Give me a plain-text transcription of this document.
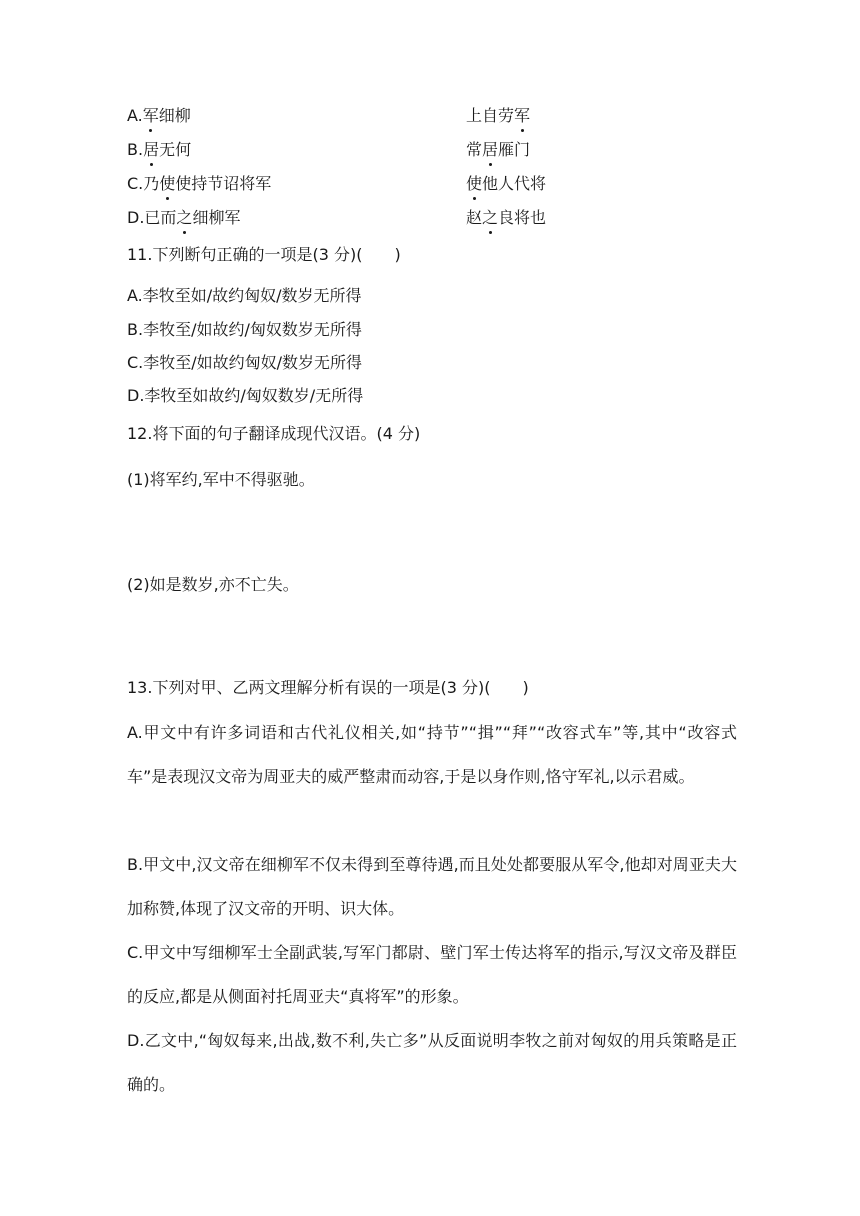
A.军细柳	上自劳军
B.居无何	常居雁门
C.乃使使持节诏将军	使他人代将
D.已而之细柳军	赵之良将也
11.下列断句正确的一项是(3 分)(　　)
A.李牧至如/故约匈奴/数岁无所得
B.李牧至/如故约/匈奴数岁无所得
C.李牧至/如故约匈奴/数岁无所得
D.李牧至如故约/匈奴数岁/无所得
12.将下面的句子翻译成现代汉语。(4 分)
(1)将军约,军中不得驱驰。
(2)如是数岁,亦不亡失。
13.下列对甲、乙两文理解分析有误的一项是(3 分)(　　)
A.甲文中有许多词语和古代礼仪相关,如“持节”“揖”“拜”“改容式车”等,其中“改容式车”是表现汉文帝为周亚夫的威严整肃而动容,于是以身作则,恪守军礼,以示君威。
B.甲文中,汉文帝在细柳军不仅未得到至尊待遇,而且处处都要服从军令,他却对周亚夫大加称赞,体现了汉文帝的开明、识大体。
C.甲文中写细柳军士全副武装,写军门都尉、壁门军士传达将军的指示,写汉文帝及群臣的反应,都是从侧面衬托周亚夫“真将军”的形象。
D.乙文中,“匈奴每来,出战,数不利,失亡多”从反面说明李牧之前对匈奴的用兵策略是正确的。
